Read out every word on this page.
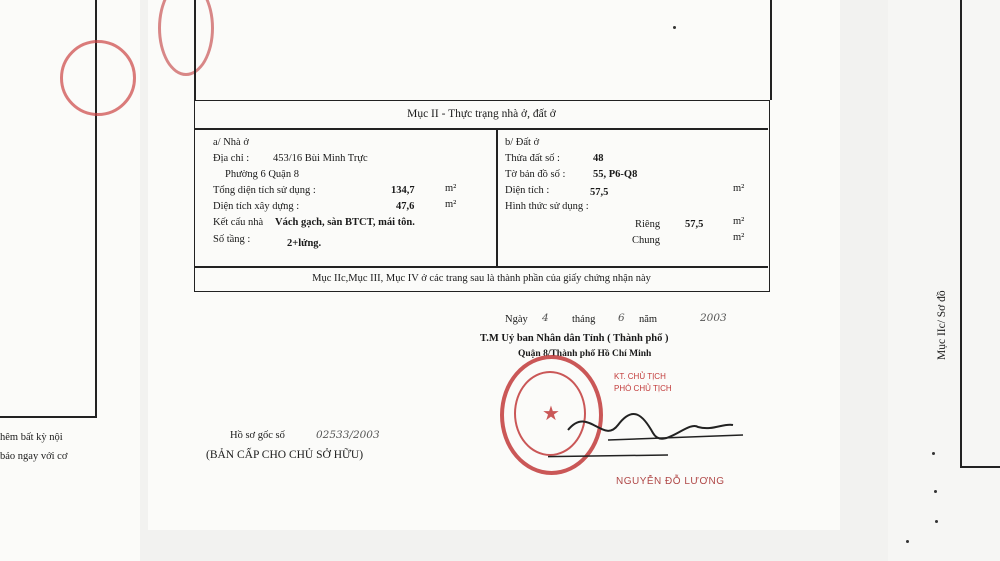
hêm bất kỳ nội
báo ngay với cơ
Mục II - Thực trạng nhà ở, đất ở
a/ Nhà ở
Địa chỉ : 453/16 Bùi Minh Trực
Phường 6 Quận 8
Tổng diện tích sử dụng :	134,7	m²
Diện tích xây dựng :	47,6	m²
Kết cấu nhà Vách gạch, sàn BTCT, mái tôn.
Số tầng :	2+lửng.
b/ Đất ở
Thửa đất số :	48
Tờ bản đồ số :	55, P6-Q8
Diện tích :	57,5	m²
Hình thức sử dụng :
Riêng 57,5	m²
Chung	m²
Mục IIc,Mục III, Mục IV ở các trang sau là thành phần của giấy chứng nhận này
Ngày 4 tháng 6 năm	2003
T.M Uỷ ban Nhân dân Tỉnh ( Thành phố )
Quận 8/Thành phố Hồ Chí Minh
★
KT. CHỦ TỊCH
PHÓ CHỦ TỊCH
NGUYỄN ĐỖ LƯƠNG
Hồ sơ gốc số	02533/2003
(BẢN CẤP CHO CHỦ SỞ HỮU)
Mục IIc/ Sơ đồ
